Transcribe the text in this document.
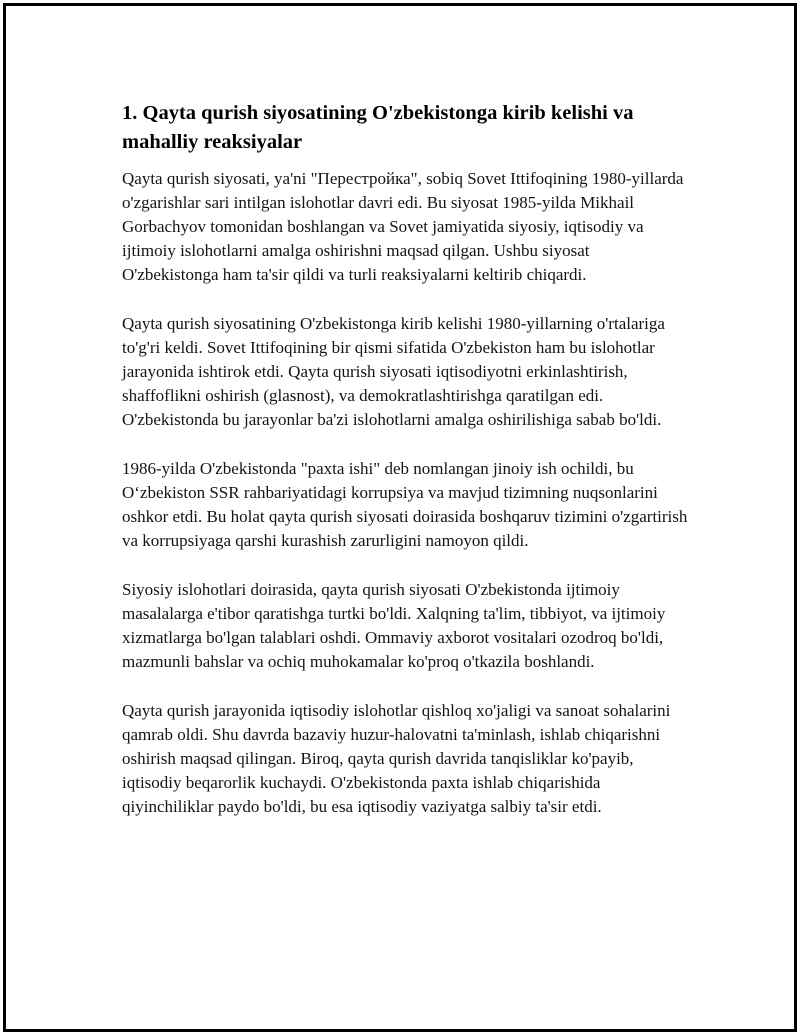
1. Qayta qurish siyosatining O'zbekistonga kirib kelishi va mahalliy reaksiyalar

Qayta qurish siyosati, ya'ni "Перестройка", sobiq Sovet Ittifoqining 1980-yillarda o'zgarishlar sari intilgan islohotlar davri edi. Bu siyosat 1985-yilda Mikhail Gorbachyov tomonidan boshlangan va Sovet jamiyatida siyosiy, iqtisodiy va ijtimoiy islohotlarni amalga oshirishni maqsad qilgan. Ushbu siyosat O'zbekistonga ham ta'sir qildi va turli reaksiyalarni keltirib chiqardi.

Qayta qurish siyosatining O'zbekistonga kirib kelishi 1980-yillarning o'rtalariga to'g'ri keldi. Sovet Ittifoqining bir qismi sifatida O'zbekiston ham bu islohotlar jarayonida ishtirok etdi. Qayta qurish siyosati iqtisodiyotni erkinlashtirish, shaffoflikni oshirish (glasnost), va demokratlashtirishga qaratilgan edi. O'zbekistonda bu jarayonlar ba'zi islohotlarni amalga oshirilishiga sabab bo'ldi.

1986-yilda O'zbekistonda "paxta ishi" deb nomlangan jinoiy ish ochildi, bu O‘zbekiston SSR rahbariyatidagi korrupsiya va mavjud tizimning nuqsonlarini oshkor etdi. Bu holat qayta qurish siyosati doirasida boshqaruv tizimini o'zgartirish va korrupsiyaga qarshi kurashish zarurligini namoyon qildi.

Siyosiy islohotlari doirasida, qayta qurish siyosati O'zbekistonda ijtimoiy masalalarga e'tibor qaratishga turtki bo'ldi. Xalqning ta'lim, tibbiyot, va ijtimoiy xizmatlarga bo'lgan talablari oshdi. Ommaviy axborot vositalari ozodroq bo'ldi, mazmunli bahslar va ochiq muhokamalar ko'proq o'tkazila boshlandi.

Qayta qurish jarayonida iqtisodiy islohotlar qishloq xo'jaligi va sanoat sohalarini qamrab oldi. Shu davrda bazaviy huzur-halovatni ta'minlash, ishlab chiqarishni oshirish maqsad qilingan. Biroq, qayta qurish davrida tanqisliklar ko'payib, iqtisodiy beqarorlik kuchaydi. O'zbekistonda paxta ishlab chiqarishida qiyinchiliklar paydo bo'ldi, bu esa iqtisodiy vaziyatga salbiy ta'sir etdi.
